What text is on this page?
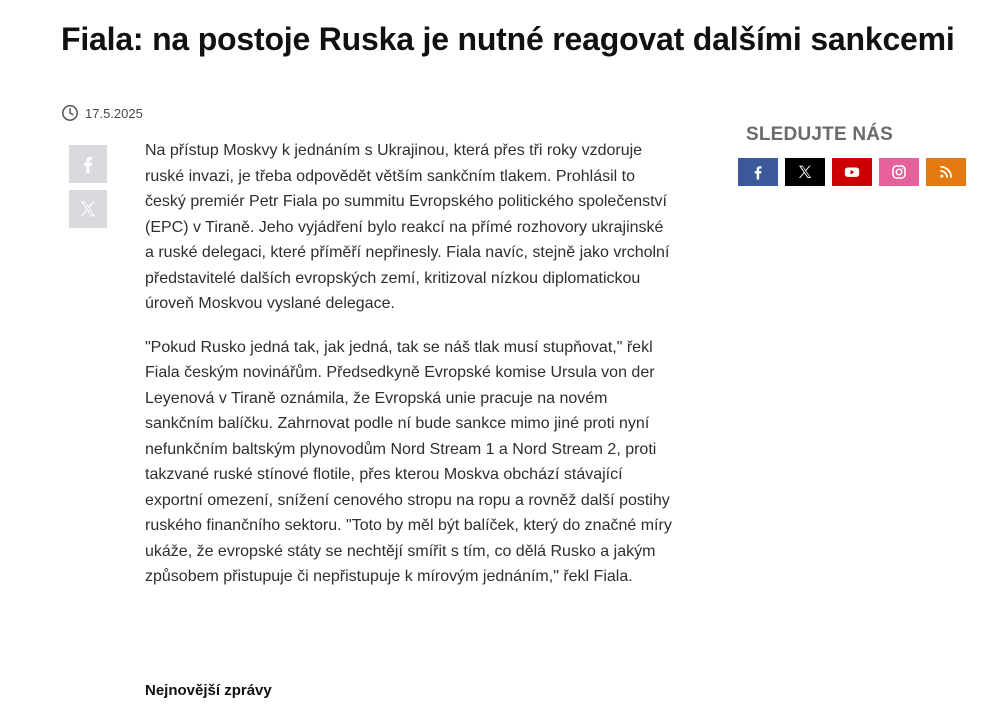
Fiala: na postoje Ruska je nutné reagovat dalšími sankcemi
17.5.2025

Na přístup Moskvy k jednáním s Ukrajinou, která přes tři roky vzdoruje ruské invazi, je třeba odpovědět větším sankčním tlakem. Prohlásil to český premiér Petr Fiala po summitu Evropského politického společenství (EPC) v Tiraně. Jeho vyjádření bylo reakcí na přímé rozhovory ukrajinské a ruské delegaci, které příměří nepřinesly. Fiala navíc, stejně jako vrcholní představitelé dalších evropských zemí, kritizoval nízkou diplomatickou úroveň Moskvou vyslané delegace.

"Pokud Rusko jedná tak, jak jedná, tak se náš tlak musí stupňovat," řekl Fiala českým novinářům. Předsedkyně Evropské komise Ursula von der Leyenová v Tiraně oznámila, že Evropská unie pracuje na novém sankčním balíčku. Zahrnovat podle ní bude sankce mimo jiné proti nyní nefunkčním baltským plynovodům Nord Stream 1 a Nord Stream 2, proti takzvané ruské stínové flotile, přes kterou Moskva obchází stávající exportní omezení, snížení cenového stropu na ropu a rovněž další postihy ruského finančního sektoru. "Toto by měl být balíček, který do značné míry ukáže, že evropské státy se nechtějí smířit s tím, co dělá Rusko a jakým způsobem přistupuje či nepřistupuje k mírovým jednáním," řekl Fiala.

Nejnovější zprávy
SLEDUJTE NÁS
